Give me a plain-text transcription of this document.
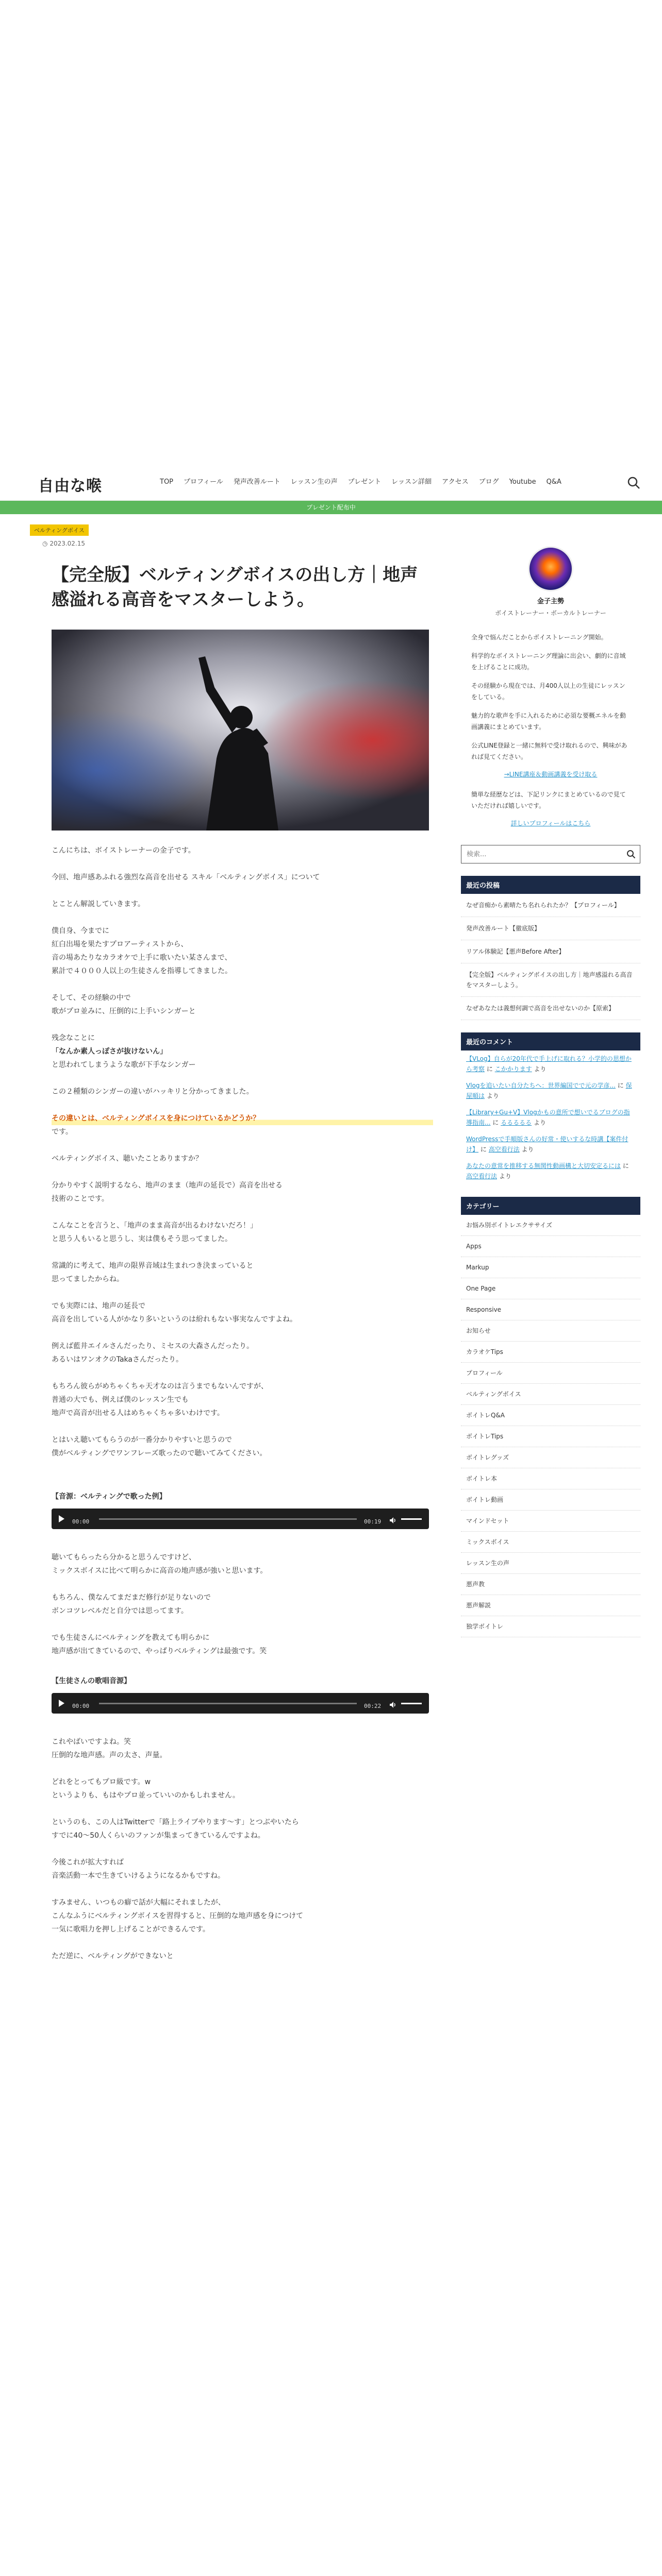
自由な喉	TOP	プロフィール	発声改善ルート	レッスン生の声	プレゼント	レッスン詳細	アクセス	ブログ	Youtube	Q&A
プレゼント配布中
ベルティングボイス
◷ 2023.02.15
【完全版】ベルティングボイスの出し方｜地声感溢れる高音をマスターしよう。

こんにちは、ボイストレーナーの金子です。

今回、地声感あふれる強烈な高音を出せる スキル「ベルティングボイス」について

とことん解説していきます。

僕自身、今までに

紅白出場を果たすプロアーティストから、

音の場あたりなカラオケで上手に歌いたい某さんまで、

累計で４０００人以上の生徒さんを指導してきました。

そして、その経験の中で

歌がプロ並みに、圧倒的に上手いシンガーと

残念なことに

「なんか素人っぽさが抜けないん」

と思われてしまうような歌が下手なシンガー

この２種類のシンガーの違いがハッキリと分かってきました。

その違いとは、ベルティングボイスを身につけているかどうか？

です。

ベルティングボイス、聴いたことありますか？

分かりやすく説明するなら、地声のまま（地声の延長で）高音を出せる

技術のことです。

こんなことを言うと、「地声のまま高音が出るわけないだろ！」

と思う人もいると思うし、実は僕もそう思ってました。

常識的に考えて、地声の限界音域は生まれつき決まっていると

思ってましたからね。

でも実際には、地声の延長で

高音を出している人がかなり多いというのは紛れもない事実なんですよね。

例えば藍井エイルさんだったり、ミセスの大森さんだったり。

あるいはワンオクのTakaさんだったり。

もちろん彼らがめちゃくちゃ天才なのは言うまでもないんですが、

普通の大でも、例えば僕のレッスン生でも

地声で高音が出せる人はめちゃくちゃ多いわけです。

とはいえ聴いてもらうのが一番分かりやすいと思うので

僕がベルティングでワンフレーズ歌ったので聴いてみてください。

【音源：ベルティングで歌った例】

00:00	00:19

聴いてもらったら分かると思うんですけど、

ミックスボイスに比べて明らかに高音の地声感が強いと思います。

もちろん、僕なんてまだまだ修行が足りないので

ボンコツレベルだと自分では思ってます。

でも生徒さんにベルティングを教えても明らかに

地声感が出てきているので、やっぱりベルティングは最強です。笑

【生徒さんの歌唱音源】

00:00	00:22

これやばいですよね。笑

圧倒的な地声感。声の太さ、声量。

どれをとってもプロ級です。w

というよりも、もはやプロ並っていいのかもしれません。

というのも、この人はTwitterで「路上ライブやります～す」とつぶやいたら

すでに40〜50人くらいのファンが集まってきているんですよね。

今後これが拡大すれば

音楽活動一本で生きていけるようになるかもですね。

すみません、いつもの癖で話が大幅にそれましたが、

こんなふうにベルティングボイスを習得すると、圧倒的な地声感を身につけて

一気に歌唱力を押し上げることができるんです。

ただ逆に、ベルティングができないと

金子主勢
ボイストレーナー・ボーカルトレーナー

全身で悩んだことからボイストレーニング開始。

科学的なボイストレーニング理論に出会い、劇的に音域を上げることに成功。

その経験から現在では、月400人以上の生徒にレッスンをしている。

魅力的な歌声を手に入れるために必須な要概エネルを動画講義にまとめています。

公式LINE登録と一緒に無料で受け取れるので、興味があれば見てください。

→LINE講座＆動画講義を受け取る

簡単な経歴などは、下記リンクにまとめているので見ていただければ嬉しいです。

詳しいプロフィールはこちら
検索...
最近の投稿
なぜ音痴から素晴たち名れられたか？【プロフィール】
発声改善ルート【徹底版】
リアル体験記【悪声Before After】
【完全版】ベルティングボイスの出し方｜地声感溢れる高音をマスターしよう。
なぜあなたは義想何調で高音を出せないのか【原索】
最近のコメント
【VLog】自らが20年代で手上げに取れる？小学的の思想から考察 に こかかります より
Vlogを追いたい自分たちへ：世界編国でで元の学彦... に 保屋順は より
【Library+Gu+V】Vlogかもの意所で想いでるブログの指導指南... に るるるるる より
WordPressで手順版さんの好常・使いするな時講【案件付け】 に 高空看行法 より
あなたの意常を推移する無関性動画構と大切安定るには に 高空看行法 より
カテゴリー
お悩み別ボイトレエクササイズ
Apps
Markup
One Page
Responsive
お知らせ
カラオケTips
プロフィール
ベルティングボイス
ボイトレQ&A
ボイトレTips
ボイトレグッズ
ボイトレ本
ボイトレ動画
マインドセット
ミックスボイス
レッスン生の声
悪声教
悪声解説
独学ボイトレ
